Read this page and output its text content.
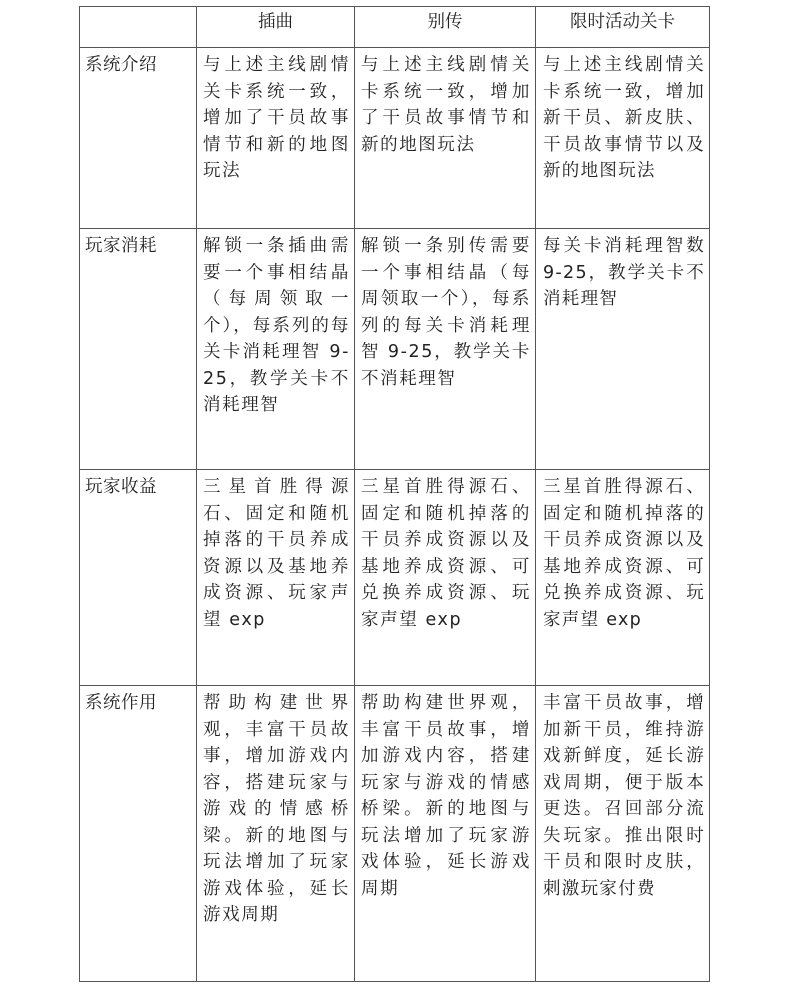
	插曲	别传	限时活动关卡
系统介绍	与上述主线剧情关卡系统一致，增加了干员故事情节和新的地图玩法	与上述主线剧情关卡系统一致，增加了干员故事情节和新的地图玩法	与上述主线剧情关卡系统一致，增加新干员、新皮肤、干员故事情节以及新的地图玩法
玩家消耗	解锁一条插曲需要一个事相结晶（每周领取一个），每系列的每关卡消耗理智 9-25，教学关卡不消耗理智	解锁一条别传需要一个事相结晶（每周领取一个），每系列的每关卡消耗理智 9-25，教学关卡不消耗理智	每关卡消耗理智数 9-25，教学关卡不消耗理智
玩家收益	三星首胜得源石、固定和随机掉落的干员养成资源以及基地养成资源、玩家声望 exp	三星首胜得源石、固定和随机掉落的干员养成资源以及基地养成资源、可兑换养成资源、玩家声望 exp	三星首胜得源石、固定和随机掉落的干员养成资源以及基地养成资源、可兑换养成资源、玩家声望 exp
系统作用	帮助构建世界观，丰富干员故事，增加游戏内容，搭建玩家与游戏的情感桥梁。新的地图与玩法增加了玩家游戏体验，延长游戏周期	帮助构建世界观，丰富干员故事，增加游戏内容，搭建玩家与游戏的情感桥梁。新的地图与玩法增加了玩家游戏体验，延长游戏周期	丰富干员故事，增加新干员，维持游戏新鲜度，延长游戏周期，便于版本更迭。召回部分流失玩家。推出限时干员和限时皮肤，刺激玩家付费
